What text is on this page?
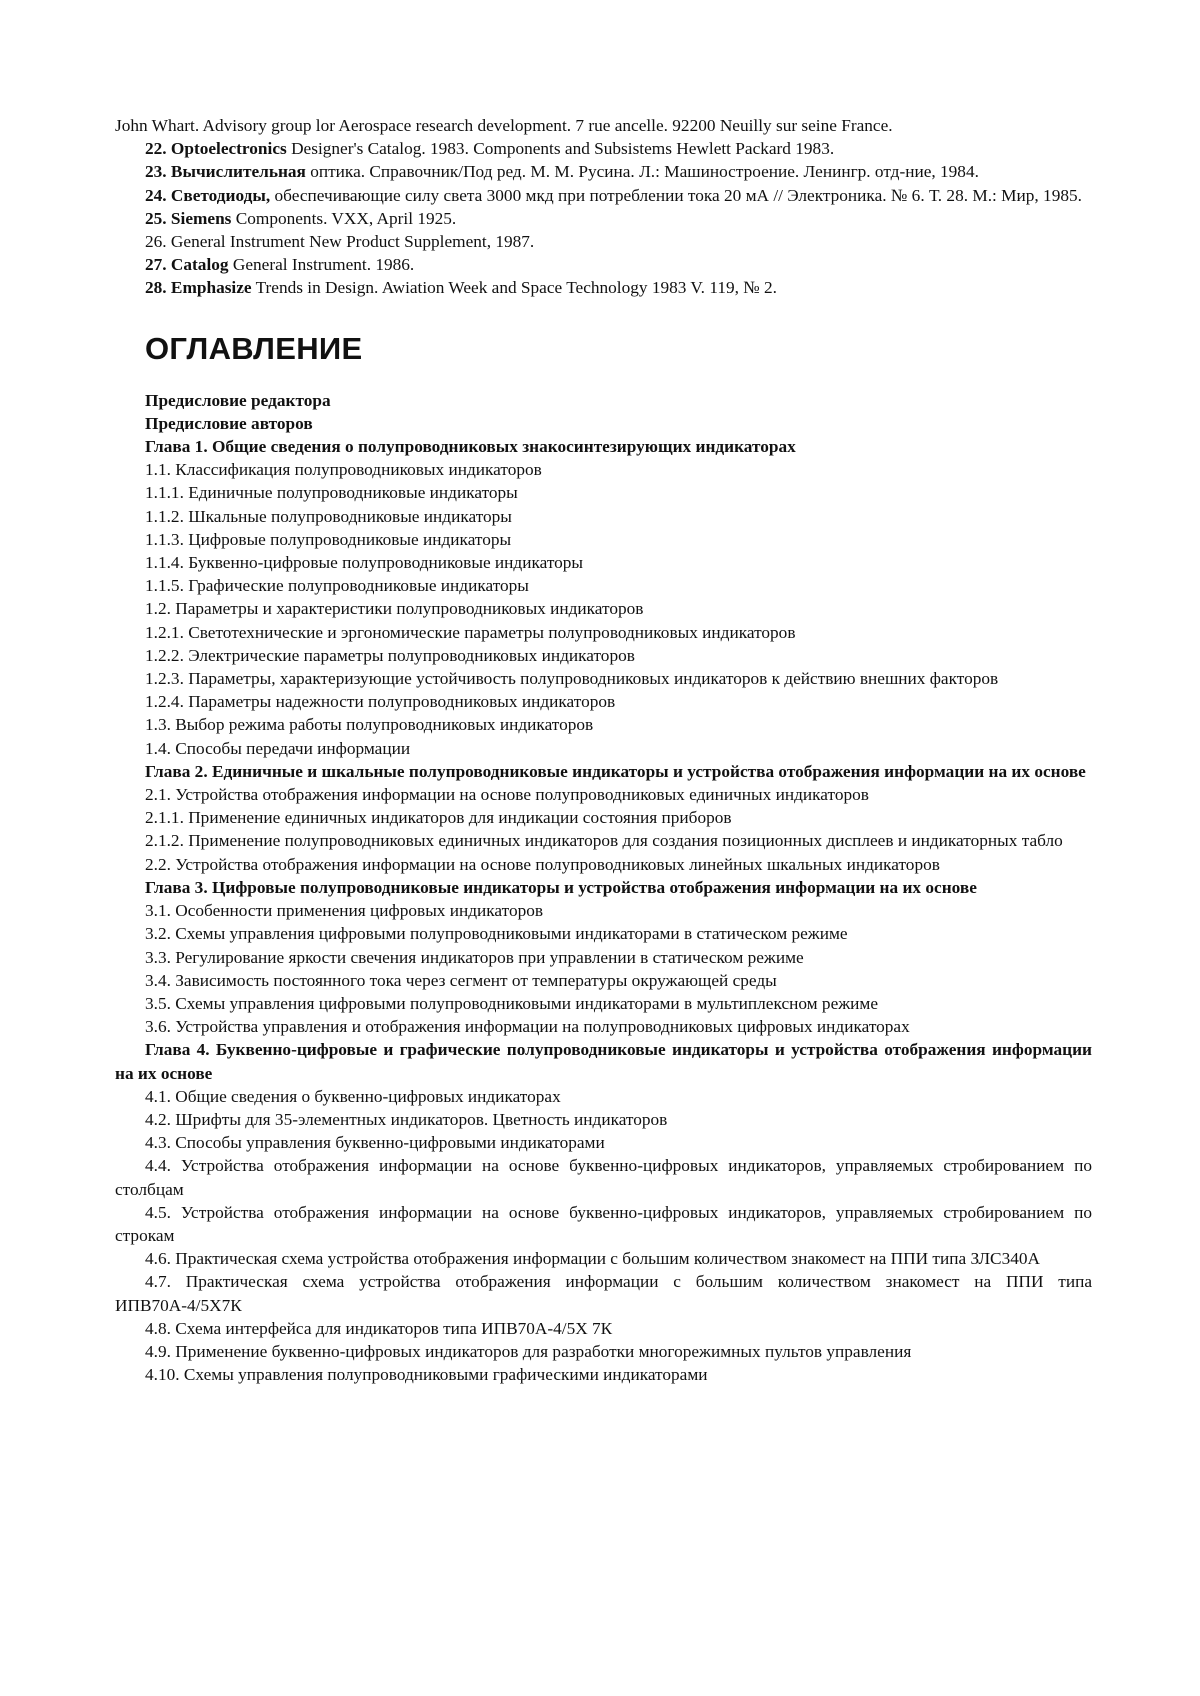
John Whart. Advisory group lor Aerospace research development. 7 rue ancelle. 92200 Neuilly sur seine France.

22. Optoelectronics Designer's Catalog. 1983. Components and Subsistems Hewlett Packard 1983.

23. Вычислительная оптика. Справочник/Под ред. М. М. Русина. Л.: Машиностроение. Ленингр. отд-ние, 1984.

24. Светодиоды, обеспечивающие силу света 3000 мкд при потреблении тока 20 мА // Электроника. № 6. Т. 28. М.: Мир, 1985.

25. Siemens Components. VXX, April 1925.

26. General Instrument New Product Supplement, 1987.

27. Catalog General Instrument. 1986.

28. Emphasize Trends in Design. Awiation Week and Space Technology 1983 V. 119, № 2.

ОГЛАВЛЕНИЕ

Предисловие редактора

Предисловие авторов

Глава 1. Общие сведения о полупроводниковых знакосинтезирующих индикаторах

1.1. Классификация полупроводниковых индикаторов

1.1.1. Единичные полупроводниковые индикаторы

1.1.2. Шкальные полупроводниковые индикаторы

1.1.3. Цифровые полупроводниковые индикаторы

1.1.4. Буквенно-цифровые полупроводниковые индикаторы

1.1.5. Графические полупроводниковые индикаторы

1.2. Параметры и характеристики полупроводниковых индикаторов

1.2.1. Светотехнические и эргономические параметры полупроводниковых индикаторов

1.2.2. Электрические параметры полупроводниковых индикаторов

1.2.3. Параметры, характеризующие устойчивость полупроводниковых индикаторов к действию внешних факторов

1.2.4. Параметры надежности полупроводниковых индикаторов

1.3. Выбор режима работы полупроводниковых индикаторов

1.4. Способы передачи информации

Глава 2. Единичные и шкальные полупроводниковые индикаторы и устройства отображения информации на их основе

2.1. Устройства отображения информации на основе полупроводниковых единичных индикаторов

2.1.1. Применение единичных индикаторов для индикации состояния приборов

2.1.2. Применение полупроводниковых единичных индикаторов для создания позиционных дисплеев и индикаторных табло

2.2. Устройства отображения информации на основе полупроводниковых линейных шкальных индикаторов

Глава 3. Цифровые полупроводниковые индикаторы и устройства отображения информации на их основе

3.1. Особенности применения цифровых индикаторов

3.2. Схемы управления цифровыми полупроводниковыми индикаторами в статическом режиме

3.3. Регулирование яркости свечения индикаторов при управлении в статическом режиме

3.4. Зависимость постоянного тока через сегмент от температуры окружающей среды

3.5. Схемы управления цифровыми полупроводниковыми индикаторами в мультиплексном режиме

3.6. Устройства управления и отображения информации на полупроводниковых цифровых индикаторах

Глава 4. Буквенно-цифровые и графические полупроводниковые индикаторы и устройства отображения информации на их основе

4.1. Общие сведения о буквенно-цифровых индикаторах

4.2. Шрифты для 35-элементных индикаторов. Цветность индикаторов

4.3. Способы управления буквенно-цифровыми индикаторами

4.4. Устройства отображения информации на основе буквенно-цифровых индикаторов, управляемых стробированием по столбцам

4.5. Устройства отображения информации на основе буквенно-цифровых индикаторов, управляемых стробированием по строкам

4.6. Практическая схема устройства отображения информации с большим количеством знакомест на ППИ типа ЗЛС340А

4.7. Практическая схема устройства отображения информации с большим количеством знакомест на ППИ типа ИПВ70А-4/5Х7К

4.8. Схема интерфейса для индикаторов типа ИПВ70А-4/5Х 7К

4.9. Применение буквенно-цифровых индикаторов для разработки многорежимных пультов управления

4.10. Схемы управления полупроводниковыми графическими индикаторами
